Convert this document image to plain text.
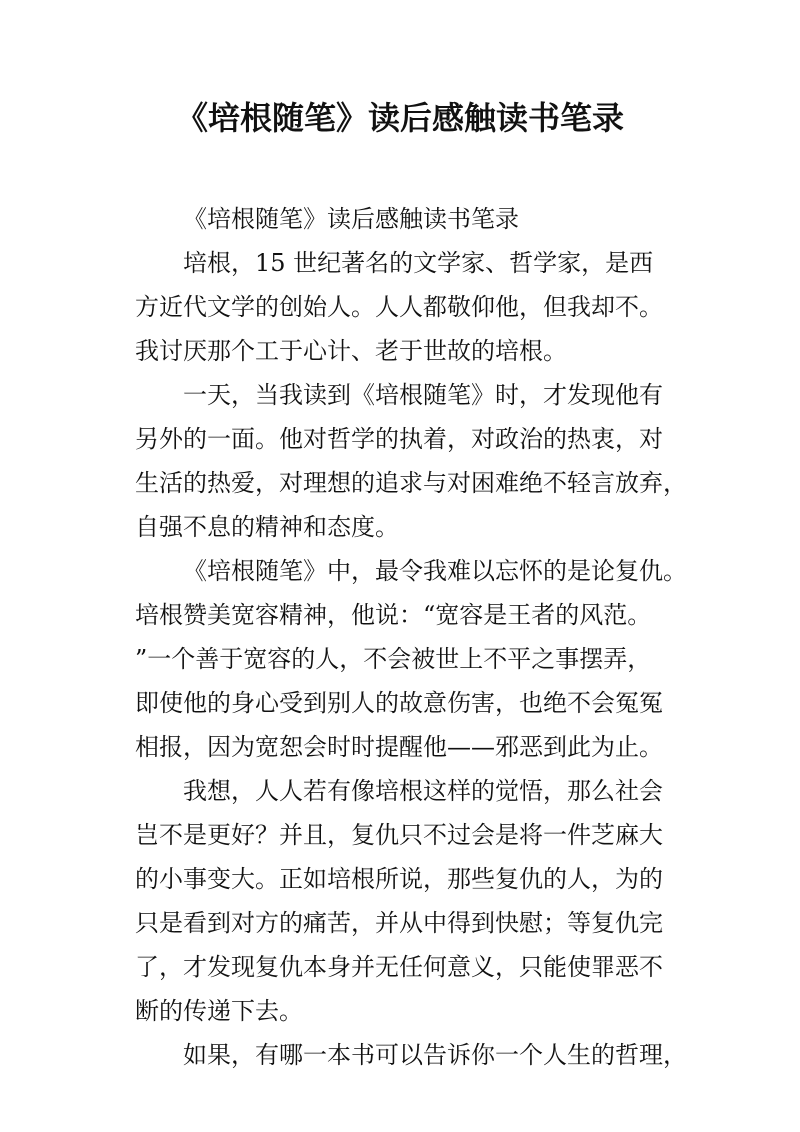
《培根随笔》读后感触读书笔录
《培根随笔》读后感触读书笔录
培根，15 世纪著名的文学家、哲学家，是西
方近代文学的创始人。人人都敬仰他，但我却不。
我讨厌那个工于心计、老于世故的培根。
一天，当我读到《培根随笔》时，才发现他有
另外的一面。他对哲学的执着，对政治的热衷，对
生活的热爱，对理想的追求与对困难绝不轻言放弃，
自强不息的精神和态度。
《培根随笔》中，最令我难以忘怀的是论复仇。
培根赞美宽容精神，他说：“宽容是王者的风范。
”一个善于宽容的人，不会被世上不平之事摆弄，
即使他的身心受到别人的故意伤害，也绝不会冤冤
相报，因为宽恕会时时提醒他——邪恶到此为止。
我想，人人若有像培根这样的觉悟，那么社会
岂不是更好？并且，复仇只不过会是将一件芝麻大
的小事变大。正如培根所说，那些复仇的人，为的
只是看到对方的痛苦，并从中得到快慰；等复仇完
了，才发现复仇本身并无任何意义，只能使罪恶不
断的传递下去。
如果，有哪一本书可以告诉你一个人生的哲理，
